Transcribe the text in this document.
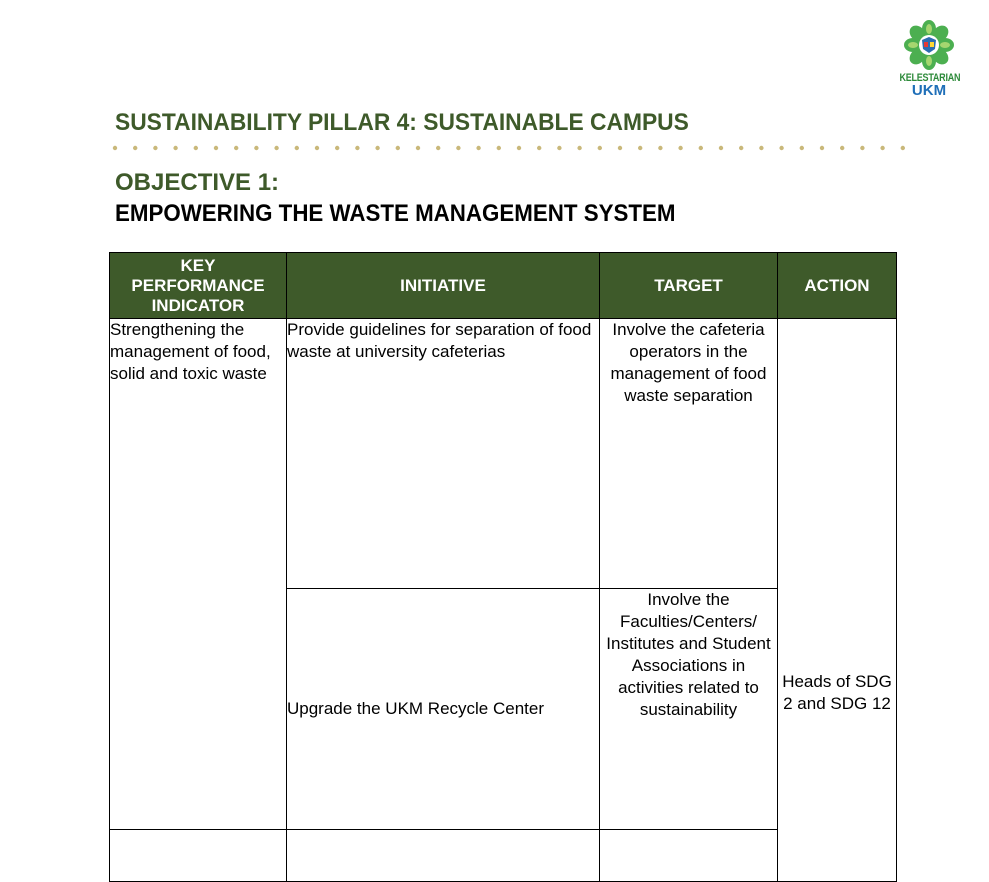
KELESTARIAN
UKM
SUSTAINABILITY PILLAR 4: SUSTAINABLE CAMPUS
OBJECTIVE 1:
EMPOWERING THE WASTE MANAGEMENT SYSTEM
KEY PERFORMANCE INDICATOR	INITIATIVE	TARGET	ACTION
Strengthening the management of food, solid and toxic waste	Provide guidelines for separation of food waste at university cafeterias	Involve the cafeteria operators in the management of food waste separation	Heads of SDG 2 and SDG 12
	Upgrade the UKM Recycle Center	Involve the Faculties/Centers/ Institutes and Student Associations in activities related to sustainability	
